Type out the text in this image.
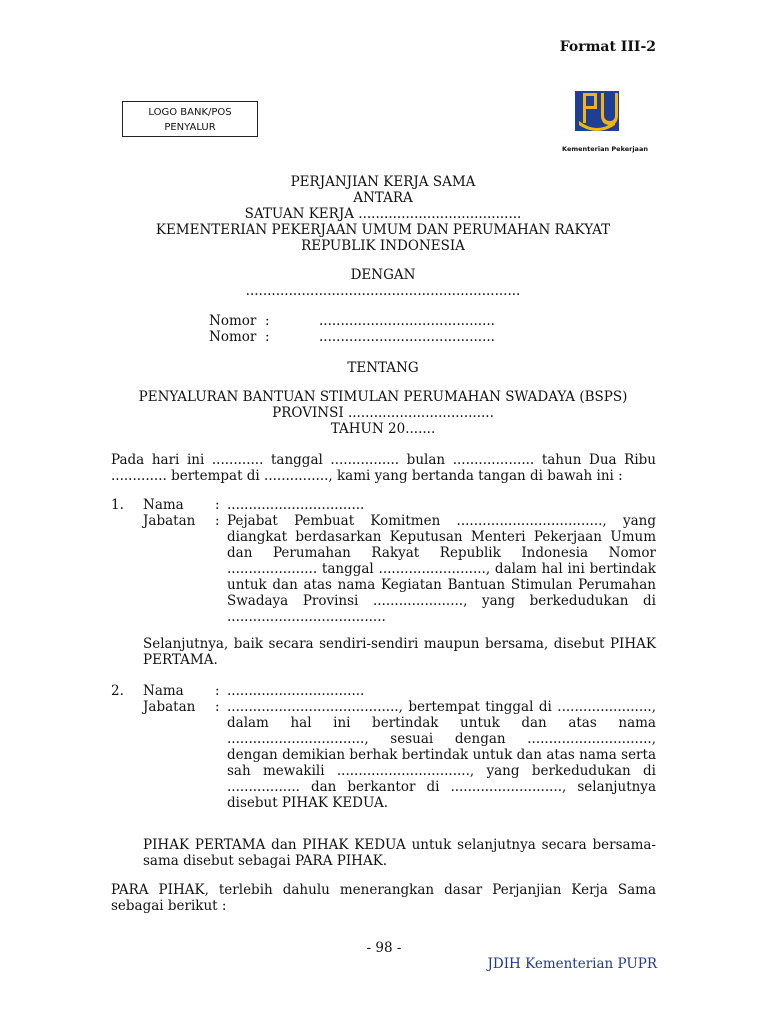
Format III-2
LOGO BANK/POS
PENYALUR
Kementerian Pekerjaan
PERJANJIAN KERJA SAMA
ANTARA
SATUAN KERJA ......................................
KEMENTERIAN PEKERJAAN UMUM DAN PERUMAHAN RAKYAT
REPUBLIK INDONESIA
DENGAN
................................................................
Nomor :	.........................................
Nomor :	.........................................
TENTANG
PENYALURAN BANTUAN STIMULAN PERUMAHAN SWADAYA (BSPS)
PROVINSI ..................................
TAHUN 20.......
Pada hari ini ............ tanggal ................ bulan ................... tahun Dua Ribu ............. bertempat di ..............., kami yang bertanda tangan di bawah ini :
1.	Nama	: ................................
Jabatan	: Pejabat Pembuat Komitmen .................................., yang diangkat berdasarkan Keputusan Menteri Pekerjaan Umum dan Perumahan Rakyat Republik Indonesia Nomor ..................... tanggal ........................., dalam hal ini bertindak untuk dan atas nama Kegiatan Bantuan Stimulan Perumahan Swadaya Provinsi ....................., yang berkedudukan di .....................................
Selanjutnya, baik secara sendiri-sendiri maupun bersama, disebut PIHAK PERTAMA.
2.	Nama	: ................................
Jabatan	: ........................................, bertempat tinggal di ......................, dalam hal ini bertindak untuk dan atas nama ................................, sesuai dengan ............................., dengan demikian berhak bertindak untuk dan atas nama serta sah mewakili ..............................., yang berkedudukan di ................. dan berkantor di .........................., selanjutnya disebut PIHAK KEDUA.
PIHAK PERTAMA dan PIHAK KEDUA untuk selanjutnya secara bersama-sama disebut sebagai PARA PIHAK.
PARA PIHAK, terlebih dahulu menerangkan dasar Perjanjian Kerja Sama sebagai berikut :
- 98 -
JDIH Kementerian PUPR
